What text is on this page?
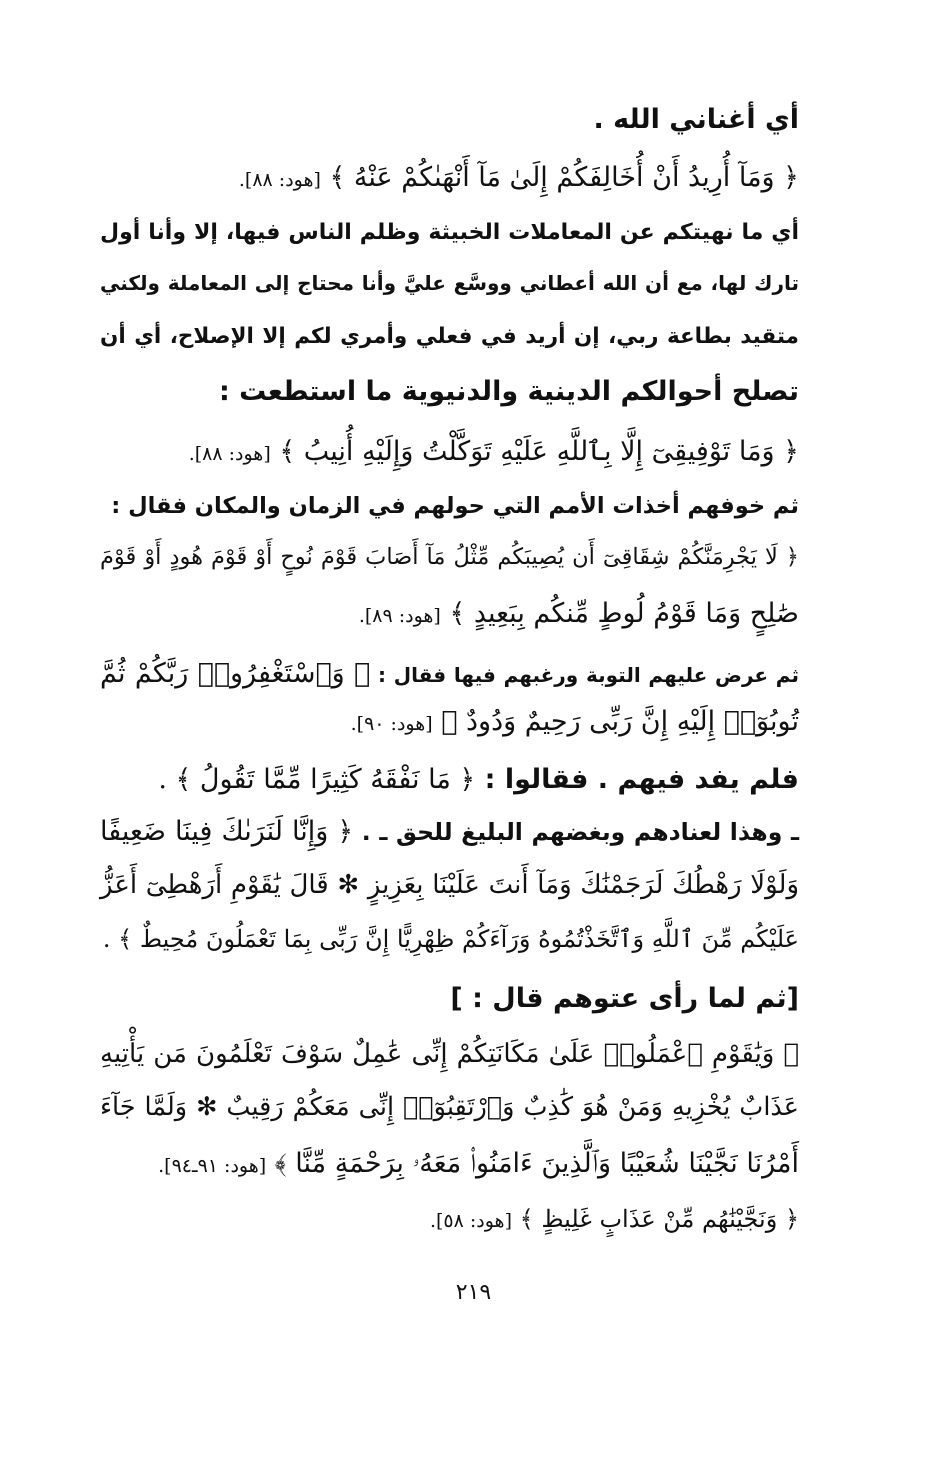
أي أغناني الله .
﴿ وَمَآ أُرِيدُ أَنْ أُخَالِفَكُمْ إِلَىٰ مَآ أَنْهَىٰكُمْ عَنْهُ ﴾ [هود: ٨٨].
أي ما نهيتكم عن المعاملات الخبيثة وظلم الناس فيها، إلا وأنا أول
تارك لها، مع أن الله أعطاني ووسَّع عليَّ وأنا محتاج إلى المعاملة ولكني
متقيد بطاعة ربي، إن أريد في فعلي وأمري لكم إلا الإصلاح، أي أن
تصلح أحوالكم الدينية والدنيوية ما استطعت :
﴿ وَمَا تَوْفِيقِىٓ إِلَّا بِٱللَّهِ عَلَيْهِ تَوَكَّلْتُ وَإِلَيْهِ أُنِيبُ ﴾ [هود: ٨٨].
ثم خوفهم أخذات الأمم التي حولهم في الزمان والمكان فقال :
﴿ لَا يَجْرِمَنَّكُمْ شِقَاقِىٓ أَن يُصِيبَكُم مِّثْلُ مَآ أَصَابَ قَوْمَ نُوحٍ أَوْ قَوْمَ هُودٍ أَوْ قَوْمَ
صَٰلِحٍ وَمَا قَوْمُ لُوطٍ مِّنكُم بِبَعِيدٍ ﴾ [هود: ٨٩].
ثم عرض عليهم التوبة ورغبهم فيها فقال : ﴿ وَٱسْتَغْفِرُوا۟ رَبَّكُمْ ثُمَّ
تُوبُوٓا۟ إِلَيْهِ إِنَّ رَبِّى رَحِيمٌ وَدُودٌ ﴾ [هود: ٩٠].
فلم يفد فيهم . فقالوا : ﴿ مَا نَفْقَهُ كَثِيرًا مِّمَّا تَقُولُ ﴾ .
ـ وهذا لعنادهم وبغضهم البليغ للحق ـ . ﴿ وَإِنَّا لَنَرَىٰكَ فِينَا ضَعِيفًا
وَلَوْلَا رَهْطُكَ لَرَجَمْنَٰكَ وَمَآ أَنتَ عَلَيْنَا بِعَزِيزٍ ✻ قَالَ يَٰقَوْمِ أَرَهْطِىٓ أَعَزُّ
عَلَيْكُم مِّنَ ٱللَّهِ وَٱتَّخَذْتُمُوهُ وَرَآءَكُمْ ظِهْرِيًّا إِنَّ رَبِّى بِمَا تَعْمَلُونَ مُحِيطٌ ﴾ .
[ثم لما رأى عتوهم قال : ]
﴿ وَيَٰقَوْمِ ٱعْمَلُوا۟ عَلَىٰ مَكَانَتِكُمْ إِنِّى عَٰمِلٌ سَوْفَ تَعْلَمُونَ مَن يَأْتِيهِ
عَذَابٌ يُخْزِيهِ وَمَنْ هُوَ كَٰذِبٌ وَٱرْتَقِبُوٓا۟ إِنِّى مَعَكُمْ رَقِيبٌ ✻ وَلَمَّا جَآءَ
أَمْرُنَا نَجَّيْنَا شُعَيْبًا وَٱلَّذِينَ ءَامَنُوا۟ مَعَهُۥ بِرَحْمَةٍ مِّنَّا ﴾ [هود: ٩١ـ٩٤].
﴿ وَنَجَّيْنَٰهُم مِّنْ عَذَابٍ غَلِيظٍ ﴾ [هود: ٥٨].
٢١٩
